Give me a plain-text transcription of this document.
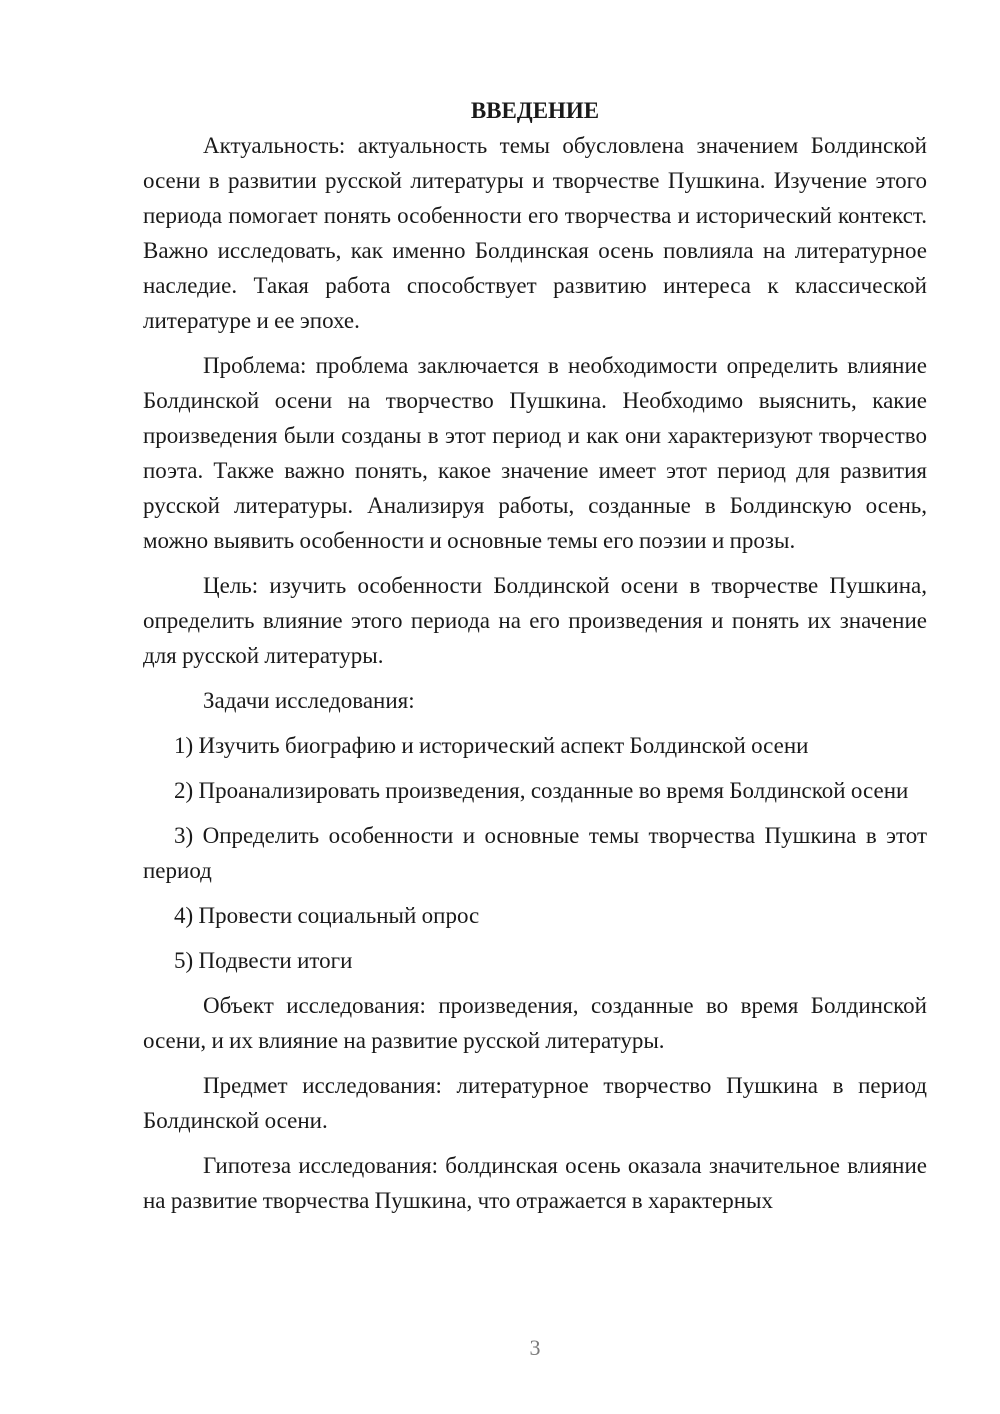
ВВЕДЕНИЕ

Актуальность: актуальность темы обусловлена значением Болдинской осени в развитии русской литературы и творчестве Пушкина. Изучение этого периода помогает понять особенности его творчества и исторический контекст. Важно исследовать, как именно Болдинская осень повлияла на литературное наследие. Такая работа способствует развитию интереса к классической литературе и ее эпохе.

Проблема: проблема заключается в необходимости определить влияние Болдинской осени на творчество Пушкина. Необходимо выяснить, какие произведения были созданы в этот период и как они характеризуют творчество поэта. Также важно понять, какое значение имеет этот период для развития русской литературы. Анализируя работы, созданные в Болдинскую осень, можно выявить особенности и основные темы его поэзии и прозы.

Цель: изучить особенности Болдинской осени в творчестве Пушкина, определить влияние этого периода на его произведения и понять их значение для русской литературы.

Задачи исследования:

1) Изучить биографию и исторический аспект Болдинской осени

2) Проанализировать произведения, созданные во время Болдинской осени

3) Определить особенности и основные темы творчества Пушкина в этот период

4) Провести социальный опрос

5) Подвести итоги

Объект исследования: произведения, созданные во время Болдинской осени, и их влияние на развитие русской литературы.

Предмет исследования: литературное творчество Пушкина в период Болдинской осени.

Гипотеза исследования: болдинская осень оказала значительное влияние на развитие творчества Пушкина, что отражается в характерных

3
